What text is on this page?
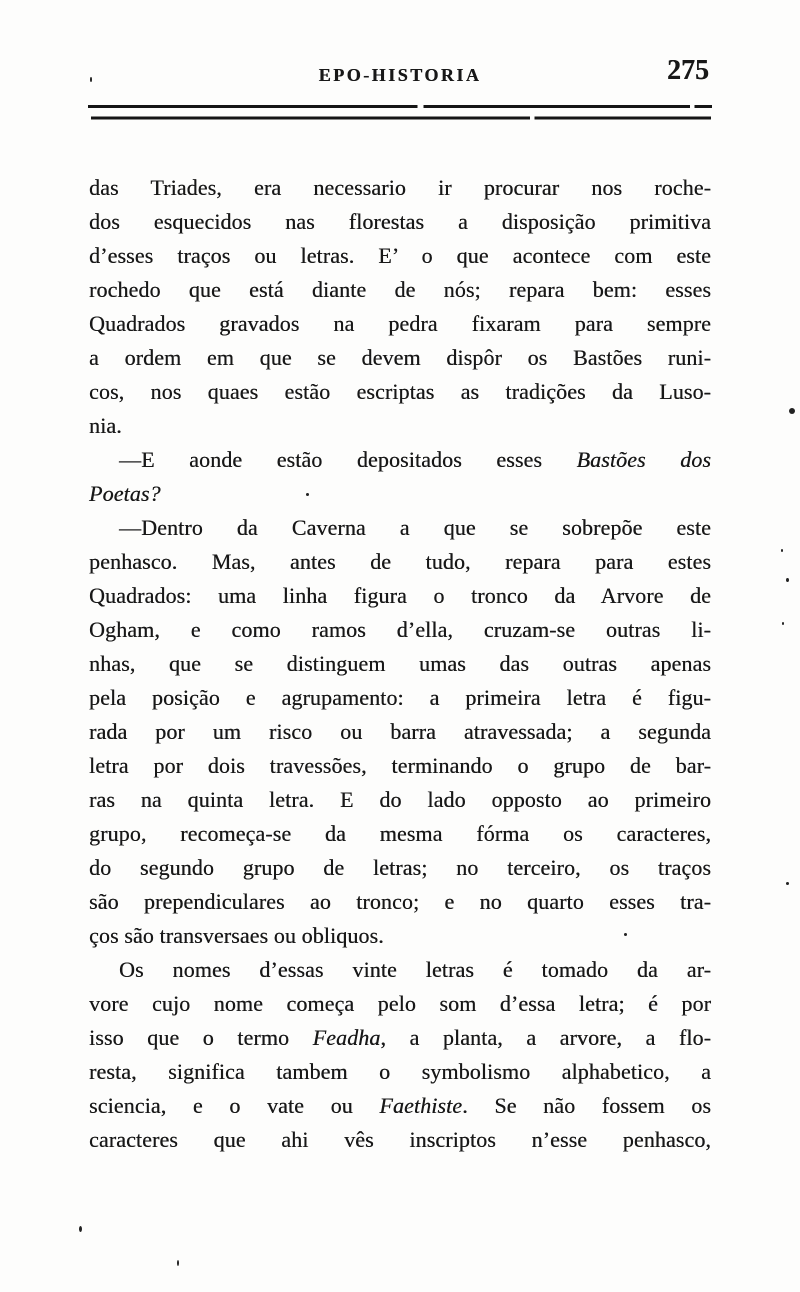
EPO-HISTORIA	275
das Triades, era necessario ir procurar nos roche-
dos esquecidos nas florestas a disposição primitiva
d’esses traços ou letras. E’ o que acontece com este
rochedo que está diante de nós; repara bem: esses
Quadrados gravados na pedra fixaram para sempre
a ordem em que se devem dispôr os Bastões runi-
cos, nos quaes estão escriptas as tradições da Luso-
nia.
—E aonde estão depositados esses Bastões dos
Poetas?
—Dentro da Caverna a que se sobrepõe este
penhasco. Mas, antes de tudo, repara para estes
Quadrados: uma linha figura o tronco da Arvore de
Ogham, e como ramos d’ella, cruzam-se outras li-
nhas, que se distinguem umas das outras apenas
pela posição e agrupamento: a primeira letra é figu-
rada por um risco ou barra atravessada; a segunda
letra por dois travessões, terminando o grupo de bar-
ras na quinta letra. E do lado opposto ao primeiro
grupo, recomeça-se da mesma fórma os caracteres,
do segundo grupo de letras; no terceiro, os traços
são prependiculares ao tronco; e no quarto esses tra-
ços são transversaes ou obliquos.
Os nomes d’essas vinte letras é tomado da ar-
vore cujo nome começa pelo som d’essa letra; é por
isso que o termo Feadha, a planta, a arvore, a flo-
resta, significa tambem o symbolismo alphabetico, a
sciencia, e o vate ou Faethiste. Se não fossem os
caracteres que ahi vês inscriptos n’esse penhasco,
